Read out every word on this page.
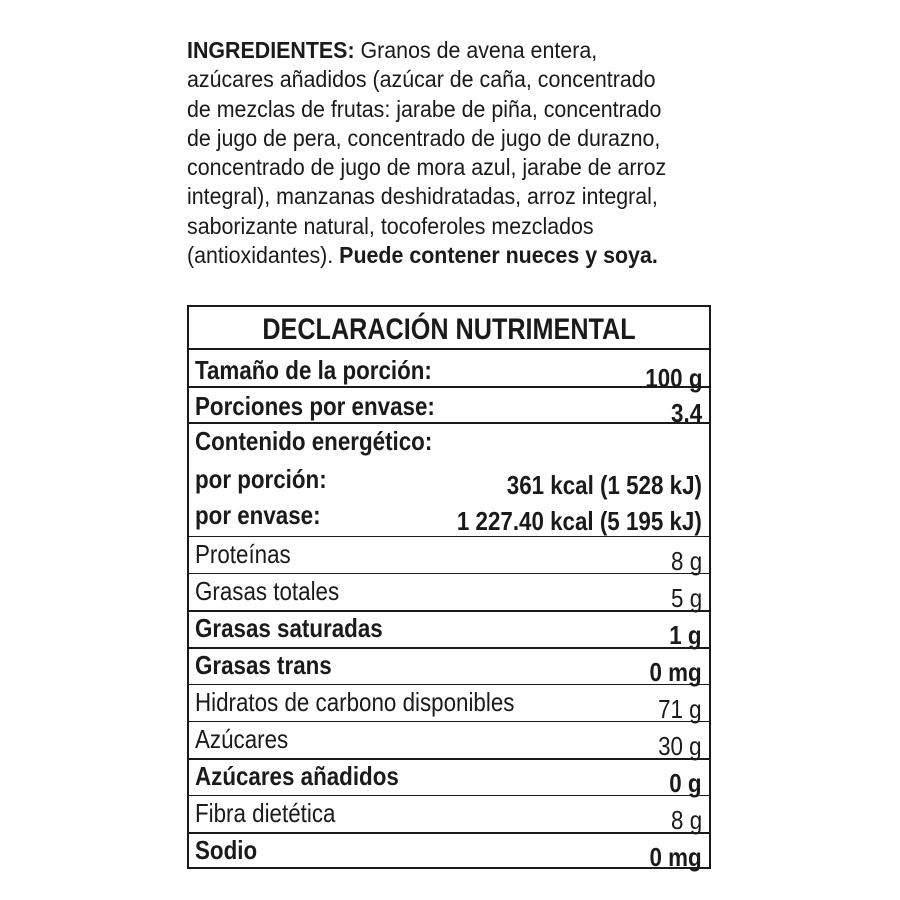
INGREDIENTES: Granos de avena entera,
azúcares añadidos (azúcar de caña, concentrado
de mezclas de frutas: jarabe de piña, concentrado
de jugo de pera, concentrado de jugo de durazno,
concentrado de jugo de mora azul, jarabe de arroz
integral), manzanas deshidratadas, arroz integral,
saborizante natural, tocoferoles mezclados
(antioxidantes). Puede contener nueces y soya.
DECLARACIÓN NUTRIMENTAL
Tamaño de la porción:	100 g
Porciones por envase:	3.4
Contenido energético:
por porción:	361 kcal (1 528 kJ)
por envase:	1 227.40 kcal (5 195 kJ)
Proteínas	8 g
Grasas totales	5 g
Grasas saturadas	1 g
Grasas trans	0 mg
Hidratos de carbono disponibles	71 g
Azúcares	30 g
Azúcares añadidos	0 g
Fibra dietética	8 g
Sodio	0 mg
